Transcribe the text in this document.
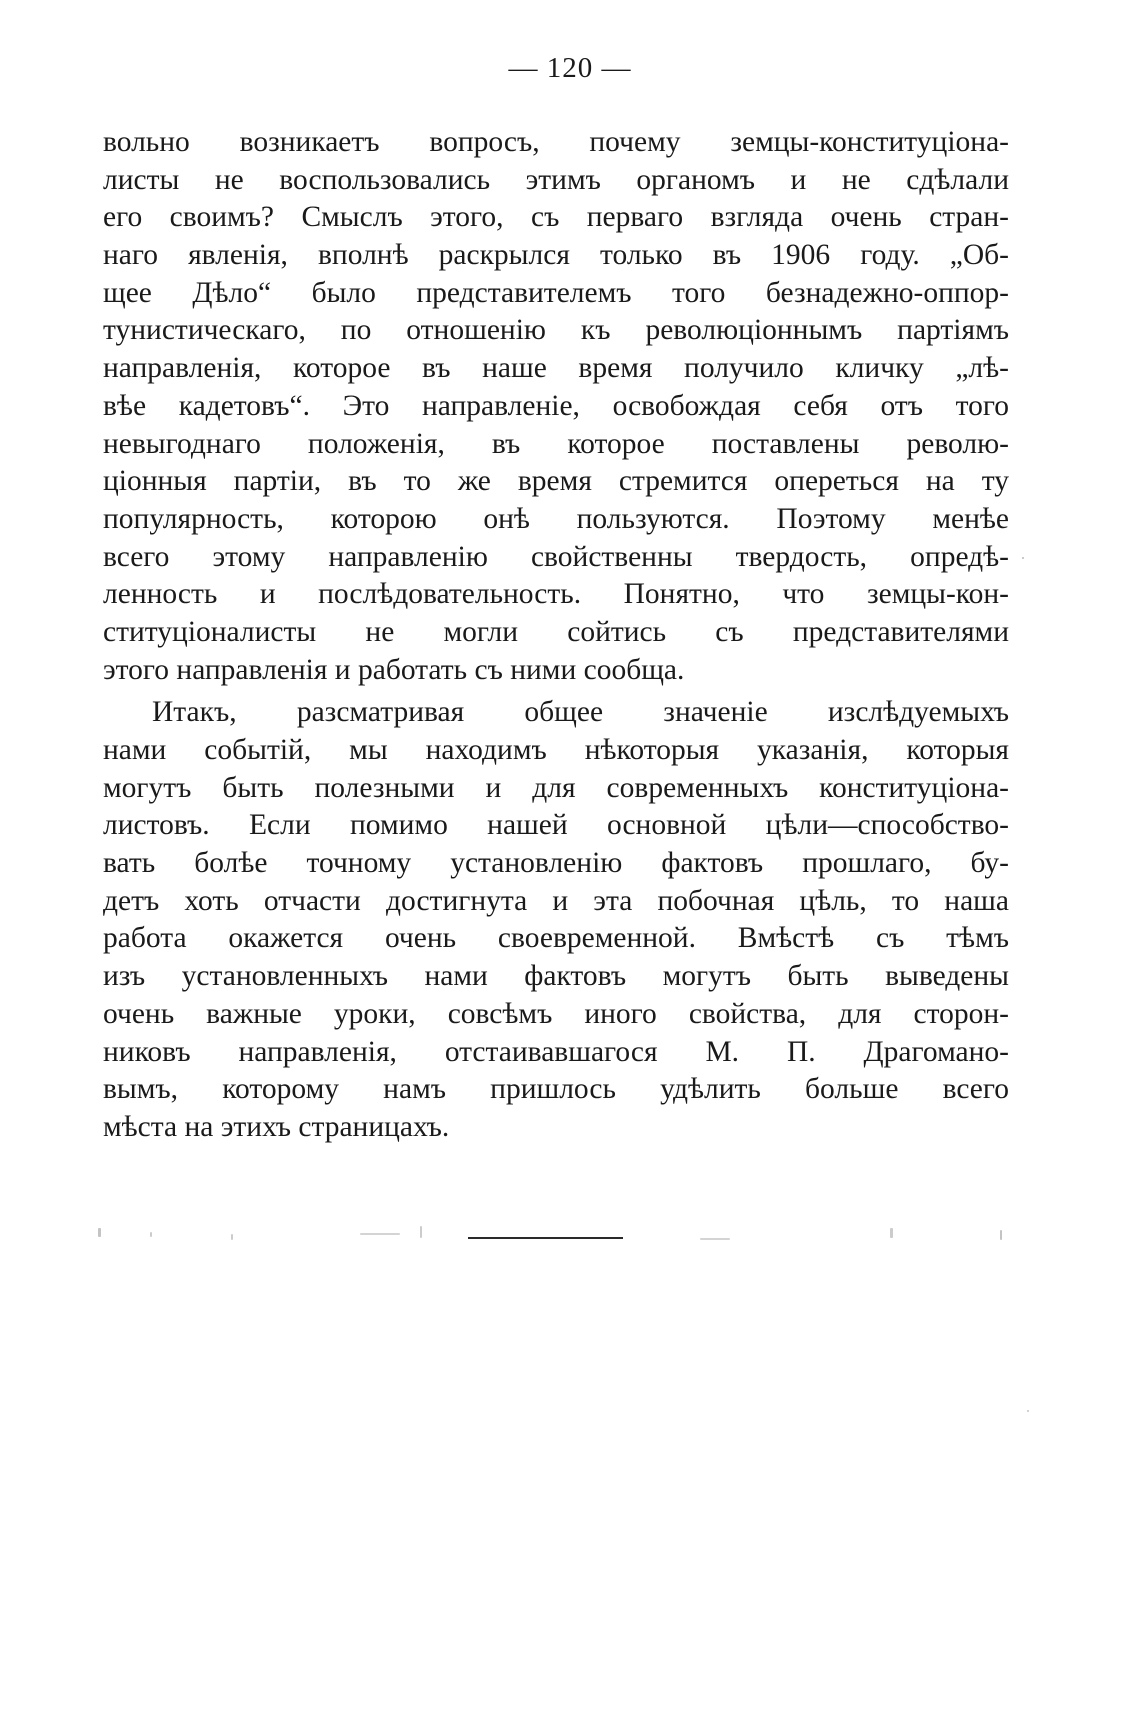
— 120 —
вольно возникаетъ вопросъ, почему земцы-конституціона-
листы не воспользовались этимъ органомъ и не сдѣлали
его своимъ? Смыслъ этого, съ перваго взгляда очень стран-
наго явленія, вполнѣ раскрылся только въ 1906 году. „Об-
щее Дѣло“ было представителемъ того безнадежно-оппор-
тунистическаго, по отношенію къ революціоннымъ партіямъ
направленія, которое въ наше время получило кличку „лѣ-
вѣе кадетовъ“. Это направленіе, освобождая себя отъ того
невыгоднаго положенія, въ которое поставлены револю-
ціонныя партіи, въ то же время стремится опереться на ту
популярность, которою онѣ пользуются. Поэтому менѣе
всего этому направленію свойственны твердость, опредѣ-
ленность и послѣдовательность. Понятно, что земцы-кон-
ституціоналисты не могли сойтись съ представителями
этого направленія и работать съ ними сообща.
Итакъ, разсматривая общее значеніе изслѣдуемыхъ
нами событій, мы находимъ нѣкоторыя указанія, которыя
могутъ быть полезными и для современныхъ конституціона-
листовъ. Если помимо нашей основной цѣли—способство-
вать болѣе точному установленію фактовъ прошлаго, бу-
детъ хоть отчасти достигнута и эта побочная цѣль, то наша
работа окажется очень своевременной. Вмѣстѣ съ тѣмъ
изъ установленныхъ нами фактовъ могутъ быть выведены
очень важные уроки, совсѣмъ иного свойства, для сторон-
никовъ направленія, отстаивавшагося М. П. Драгомано-
вымъ, которому намъ пришлось удѣлить больше всего
мѣста на этихъ страницахъ.
